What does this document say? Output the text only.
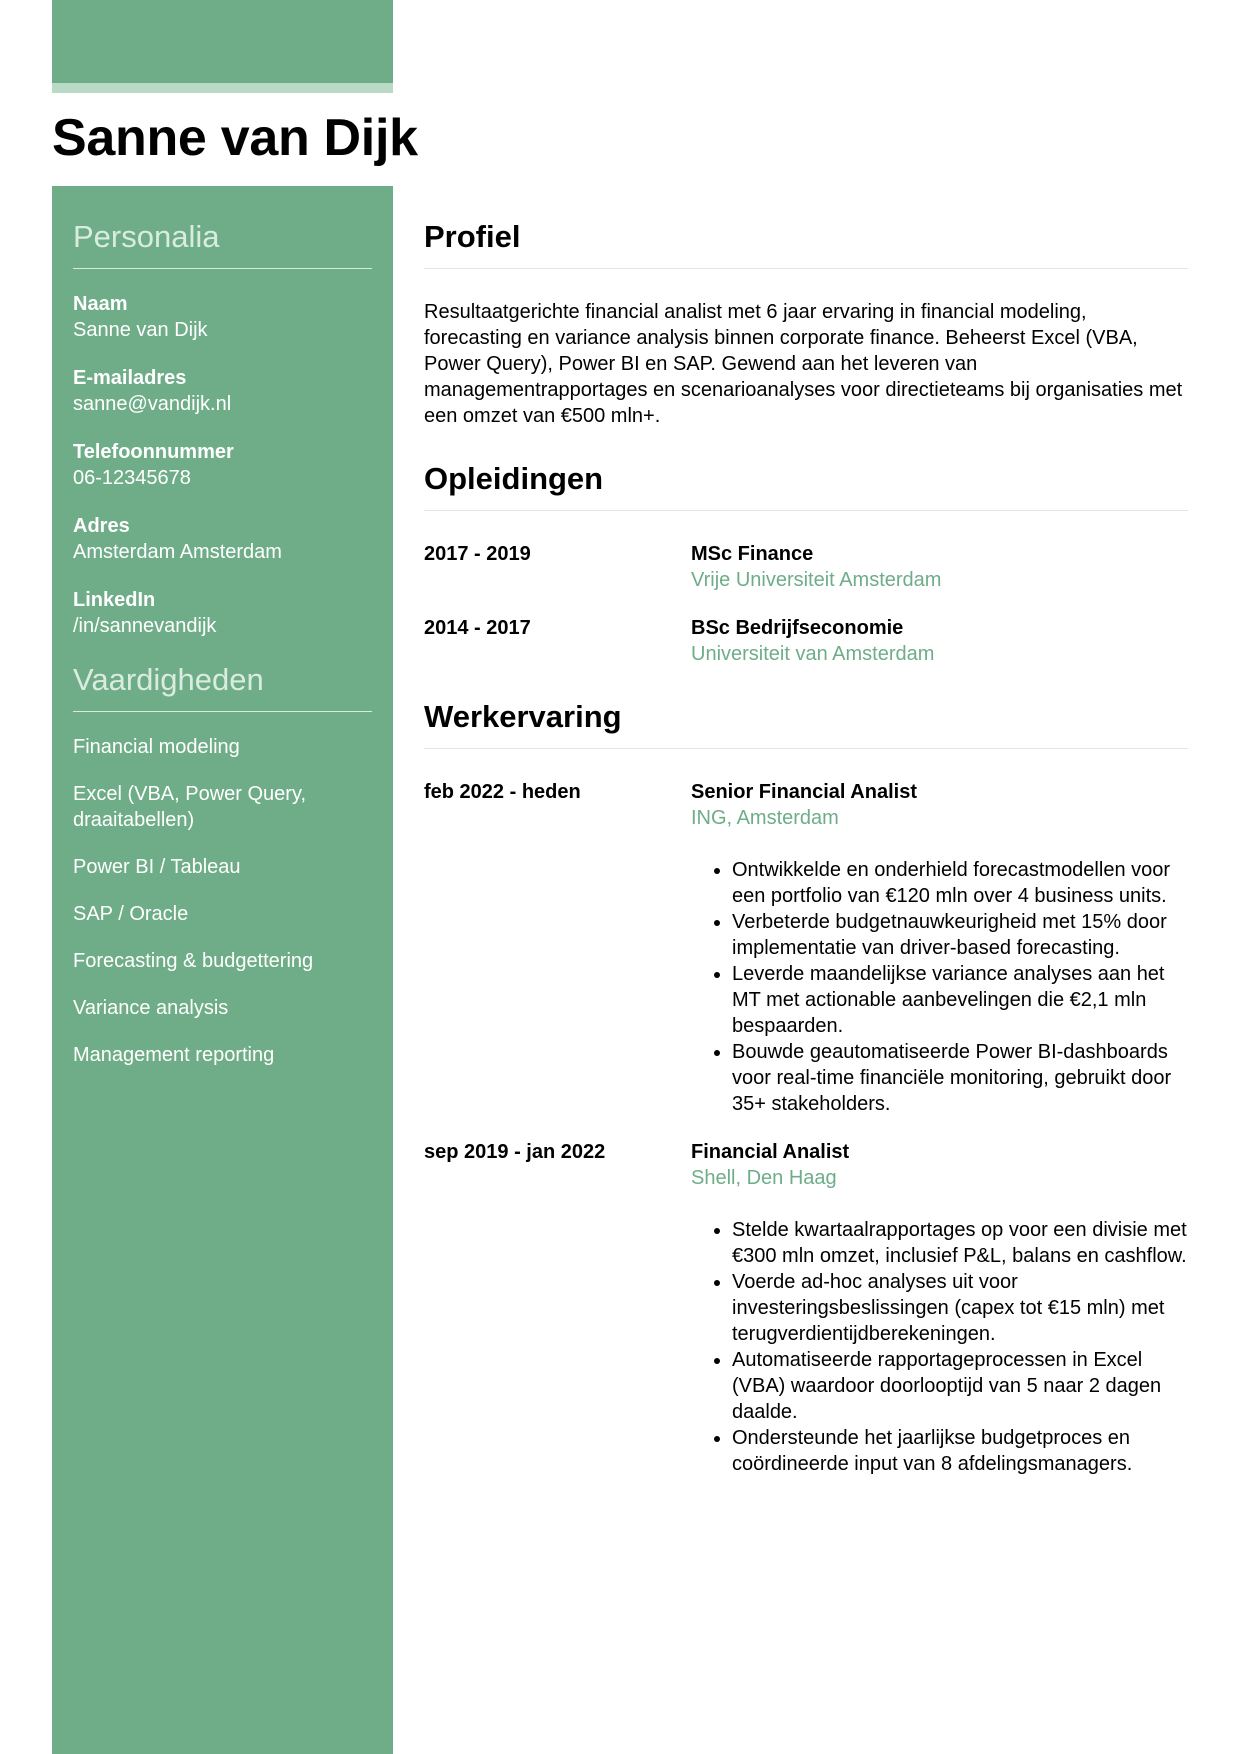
Sanne van Dijk
Personalia
Naam
Sanne van Dijk
E-mailadres
sanne@vandijk.nl
Telefoonnummer
06-12345678
Adres
Amsterdam Amsterdam
LinkedIn
/in/sannevandijk
Vaardigheden
Financial modeling
Excel (VBA, Power Query, draaitabellen)
Power BI / Tableau
SAP / Oracle
Forecasting & budgettering
Variance analysis
Management reporting
Profiel

Resultaatgerichte financial analist met 6 jaar ervaring in financial modeling, forecasting en variance analysis binnen corporate finance. Beheerst Excel (VBA, Power Query), Power BI en SAP. Gewend aan het leveren van managementrapportages en scenarioanalyses voor directieteams bij organisaties met een omzet van €500 mln+.

Opleidingen
2017 - 2019	MSc Finance
Vrije Universiteit Amsterdam
2014 - 2017	BSc Bedrijfseconomie
Universiteit van Amsterdam
Werkervaring
feb 2022 - heden	Senior Financial Analist
ING, Amsterdam
• Ontwikkelde en onderhield forecastmodellen voor een portfolio van €120 mln over 4 business units.
• Verbeterde budgetnauwkeurigheid met 15% door implementatie van driver-based forecasting.
• Leverde maandelijkse variance analyses aan het MT met actionable aanbevelingen die €2,1 mln bespaarden.
• Bouwde geautomatiseerde Power BI-dashboards voor real-time financiële monitoring, gebruikt door 35+ stakeholders.
sep 2019 - jan 2022	Financial Analist
Shell, Den Haag
• Stelde kwartaalrapportages op voor een divisie met €300 mln omzet, inclusief P&L, balans en cashflow.
• Voerde ad-hoc analyses uit voor investeringsbeslissingen (capex tot €15 mln) met terugverdientijdberekeningen.
• Automatiseerde rapportageprocessen in Excel (VBA) waardoor doorlooptijd van 5 naar 2 dagen daalde.
• Ondersteunde het jaarlijkse budgetproces en coördineerde input van 8 afdelingsmanagers.
